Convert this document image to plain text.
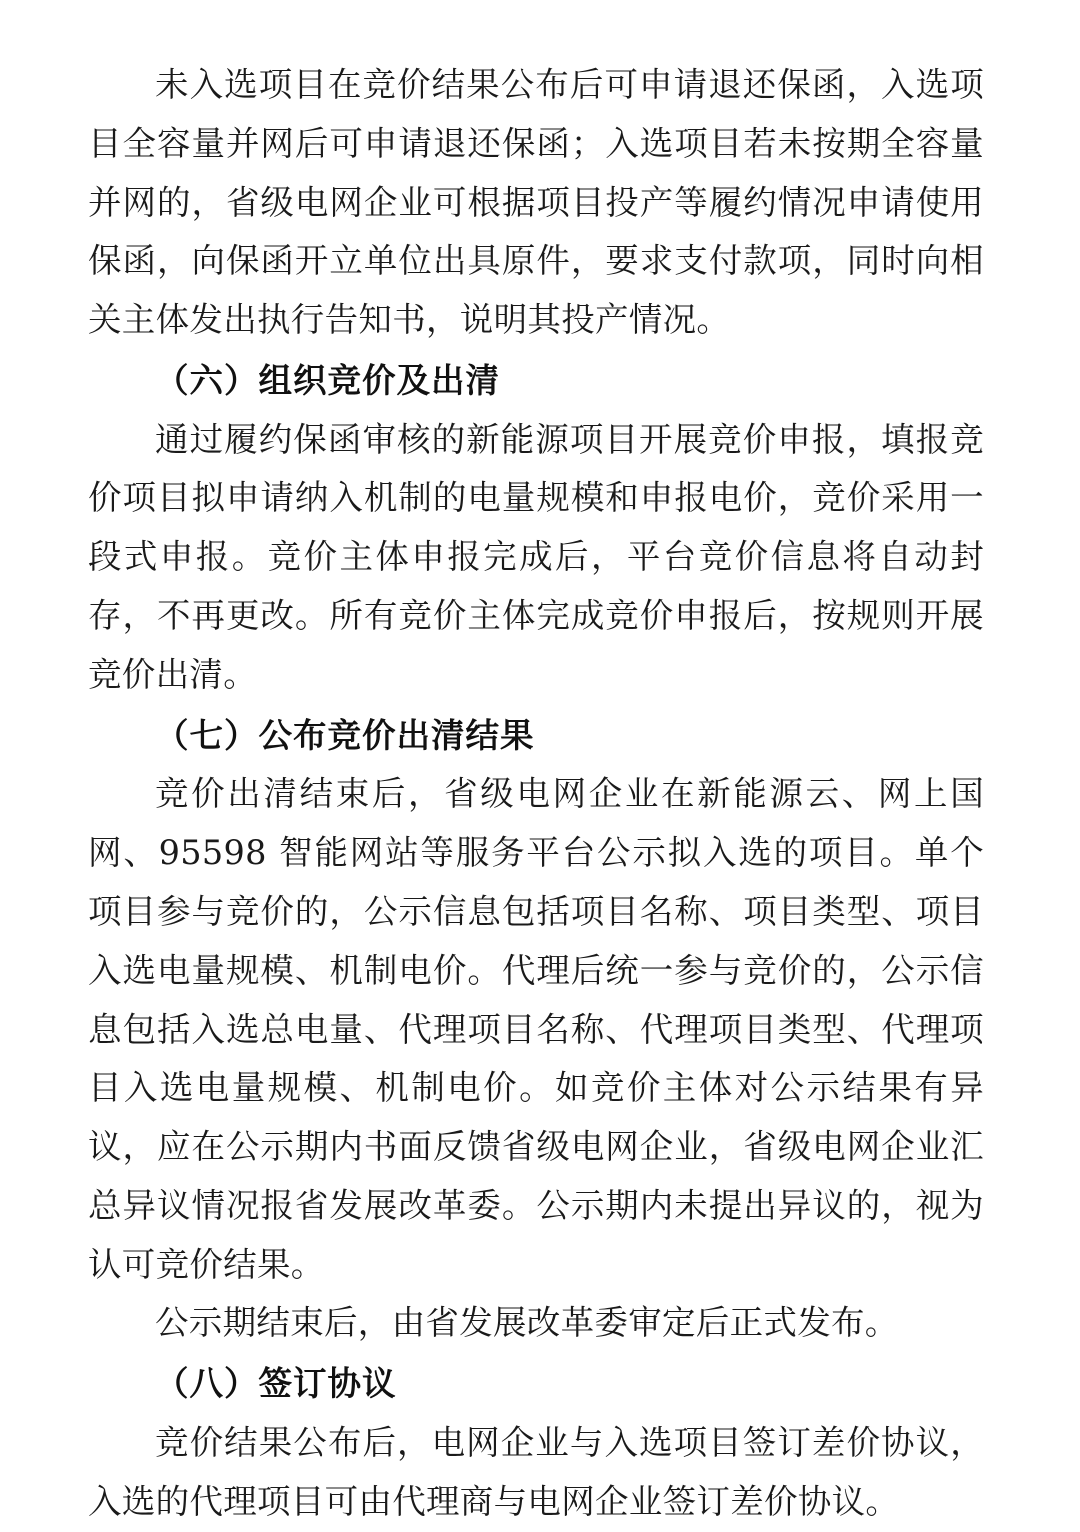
未入选项目在竞价结果公布后可申请退还保函，入选项目全容量并网后可申请退还保函；入选项目若未按期全容量并网的，省级电网企业可根据项目投产等履约情况申请使用保函，向保函开立单位出具原件，要求支付款项，同时向相关主体发出执行告知书，说明其投产情况。

（六）组织竞价及出清

通过履约保函审核的新能源项目开展竞价申报，填报竞价项目拟申请纳入机制的电量规模和申报电价，竞价采用一段式申报。竞价主体申报完成后，平台竞价信息将自动封存，不再更改。所有竞价主体完成竞价申报后，按规则开展竞价出清。

（七）公布竞价出清结果

竞价出清结束后，省级电网企业在新能源云、网上国网、95598 智能网站等服务平台公示拟入选的项目。单个项目参与竞价的，公示信息包括项目名称、项目类型、项目入选电量规模、机制电价。代理后统一参与竞价的，公示信息包括入选总电量、代理项目名称、代理项目类型、代理项目入选电量规模、机制电价。如竞价主体对公示结果有异议，应在公示期内书面反馈省级电网企业，省级电网企业汇总异议情况报省发展改革委。公示期内未提出异议的，视为认可竞价结果。

公示期结束后，由省发展改革委审定后正式发布。

（八）签订协议

竞价结果公布后，电网企业与入选项目签订差价协议，入选的代理项目可由代理商与电网企业签订差价协议。
